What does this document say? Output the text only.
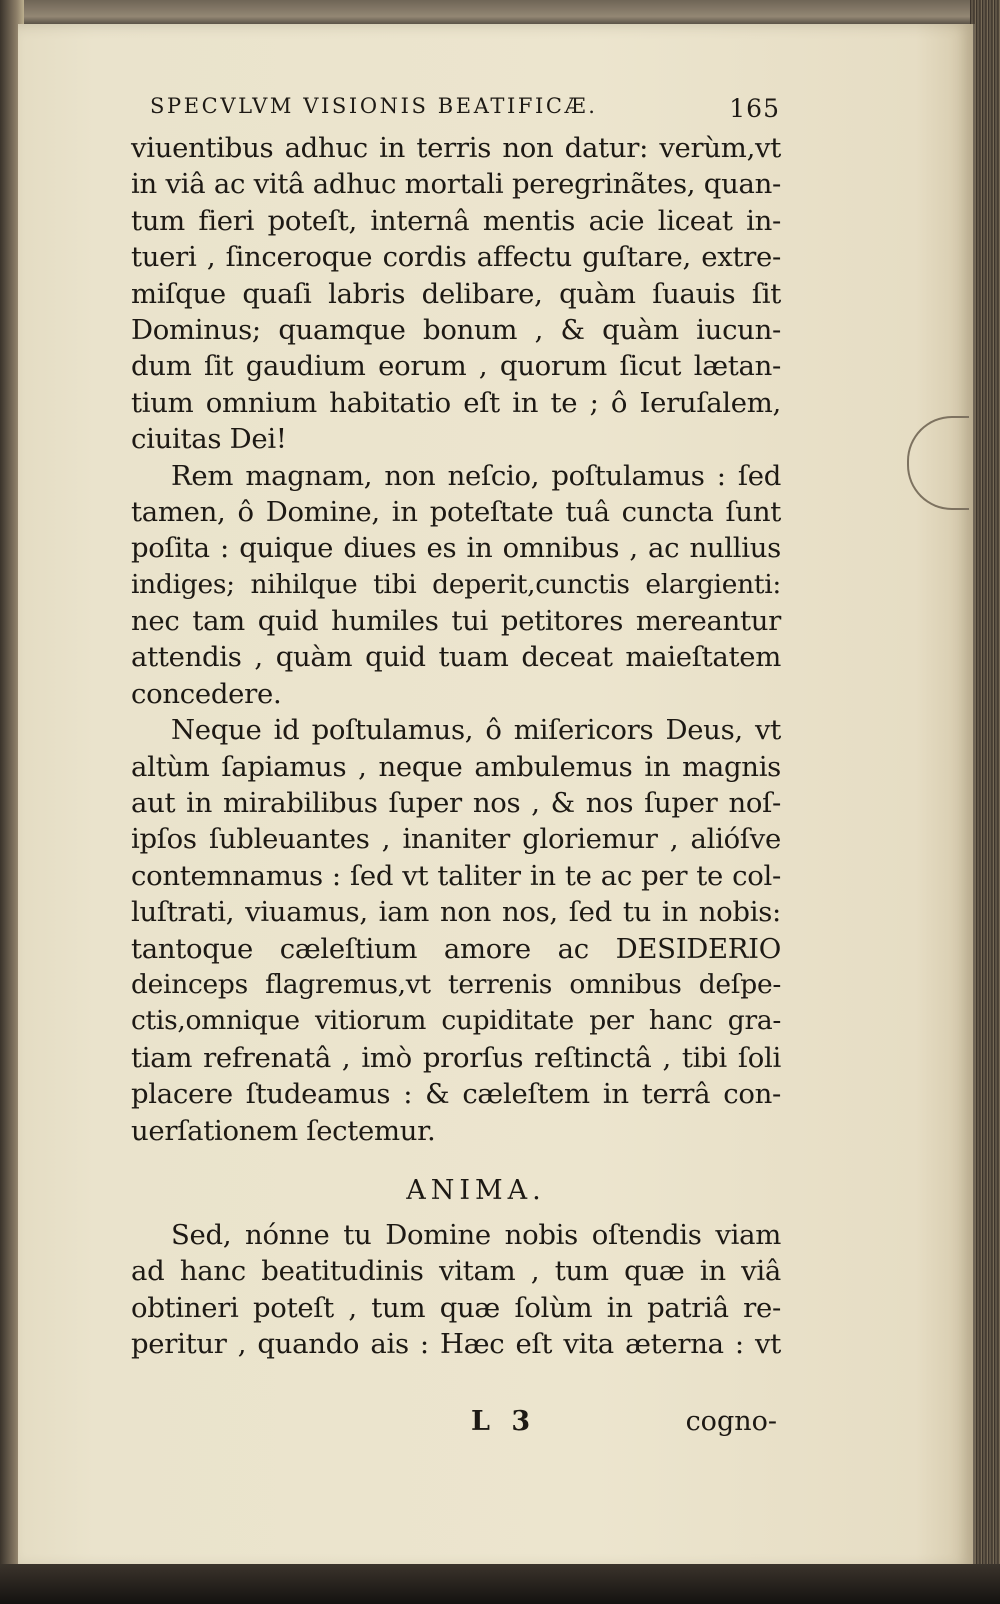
SPECVLVM VISIONIS BEATIFICÆ.	165
viuentibus adhuc in terris non datur: verùm,vt
in viâ ac vitâ adhuc mortali peregrinãtes, quan-
tum fieri poteſt, internâ mentis acie liceat in-
tueri , ſinceroque cordis affectu guſtare, extre-
miſque quaſi labris delibare, quàm ſuauis ſit
Dominus; quamque bonum , & quàm iucun-
dum ſit gaudium eorum , quorum ſicut lætan-
tium omnium habitatio eſt in te ; ô Ieruſalem,
ciuitas Dei!
Rem magnam, non neſcio, poſtulamus : ſed
tamen, ô Domine, in poteſtate tuâ cuncta ſunt
poſita : quique diues es in omnibus , ac nullius
indiges; nihilque tibi deperit,cunctis elargienti:
nec tam quid humiles tui petitores mereantur
attendis , quàm quid tuam deceat maieſtatem
concedere.
Neque id poſtulamus, ô miſericors Deus, vt
altùm ſapiamus , neque ambulemus in magnis
aut in mirabilibus ſuper nos , & nos ſuper noſ-
ipſos ſubleuantes , inaniter gloriemur , alióſve
contemnamus : ſed vt taliter in te ac per te col-
luſtrati, viuamus, iam non nos, ſed tu in nobis:
tantoque cæleſtium amore ac DESIDERIO
deinceps flagremus,vt terrenis omnibus deſpe-
ctis,omnique vitiorum cupiditate per hanc gra-
tiam refrenatâ , imò prorſus reſtinctâ , tibi ſoli
placere ſtudeamus : & cæleſtem in terrâ con-
uerſationem ſectemur.
ANIMA.
Sed, nónne tu Domine nobis oſtendis viam
ad hanc beatitudinis vitam , tum quæ in viâ
obtineri poteſt , tum quæ ſolùm in patriâ re-
peritur , quando ais : Hæc eſt vita æterna : vt
L 3	cogno-
